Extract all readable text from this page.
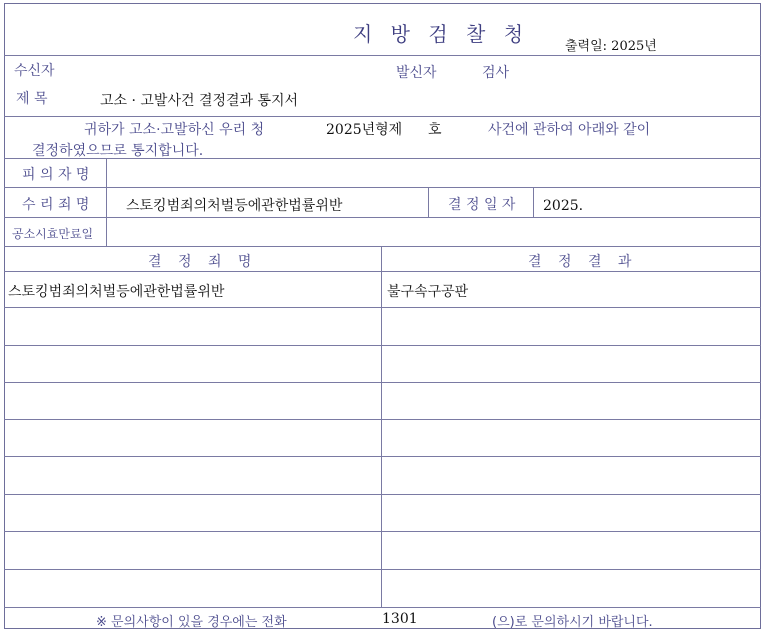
지 방 검 찰 청
출력일: 2025년
수신자	발신자	검사
제 목	고소 · 고발사건 결정결과 통지서
귀하가 고소·고발하신 우리 청	2025년형제 호	사건에 관하여 아래와 같이
결정하였으므로 통지합니다.
피 의 자 명
수 리 죄 명	스토킹범죄의처벌등에관한법률위반	결 정 일 자 2025.
공소시효만료일
결 정 죄 명	결 정 결 과
스토킹범죄의처벌등에관한법률위반	불구속구공판
※ 문의사항이 있을 경우에는 전화	1301	(으)로 문의하시기 바랍니다.
